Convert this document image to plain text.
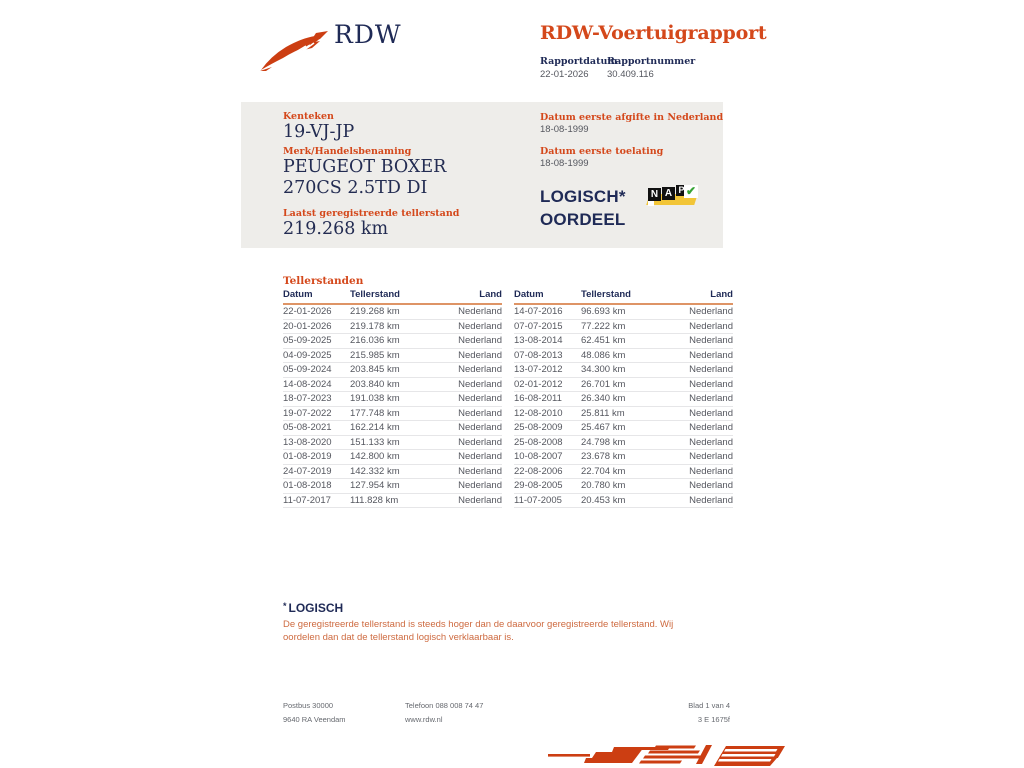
RDW	RDW-Voertuigrapport
Rapportdatum
Rapportnummer
22-01-2026 30.409.116
Kenteken
19-VJ-JP
Merk/Handelsbenaming
PEUGEOT BOXER
270CS 2.5TD DI
Laatst geregistreerde tellerstand
219.268 km
Datum eerste afgifte in Nederland
18-08-1999
Datum eerste toelating
18-08-1999
LOGISCH*
OORDEEL
N A P ✔
Tellerstanden
Datum	Tellerstand	Land
22-01-2026	219.268 km	Nederland
20-01-2026	219.178 km	Nederland
05-09-2025	216.036 km	Nederland
04-09-2025	215.985 km	Nederland
05-09-2024	203.845 km	Nederland
14-08-2024	203.840 km	Nederland
18-07-2023	191.038 km	Nederland
19-07-2022	177.748 km	Nederland
05-08-2021	162.214 km	Nederland
13-08-2020	151.133 km	Nederland
01-08-2019	142.800 km	Nederland
24-07-2019	142.332 km	Nederland
01-08-2018	127.954 km	Nederland
11-07-2017	111.828 km	Nederland
Datum	Tellerstand	Land
14-07-2016	96.693 km	Nederland
07-07-2015	77.222 km	Nederland
13-08-2014	62.451 km	Nederland
07-08-2013	48.086 km	Nederland
13-07-2012	34.300 km	Nederland
02-01-2012	26.701 km	Nederland
16-08-2011	26.340 km	Nederland
12-08-2010	25.811 km	Nederland
25-08-2009	25.467 km	Nederland
25-08-2008	24.798 km	Nederland
10-08-2007	23.678 km	Nederland
22-08-2006	22.704 km	Nederland
29-08-2005	20.780 km	Nederland
11-07-2005	20.453 km	Nederland
* LOGISCH
De geregistreerde tellerstand is steeds hoger dan de daarvoor geregistreerde tellerstand. Wij oordelen dan dat de tellerstand logisch verklaarbaar is.
Postbus 30000
9640 RA Veendam
Telefoon 088 008 74 47
www.rdw.nl
Blad 1 van 4
3 E 1675f
